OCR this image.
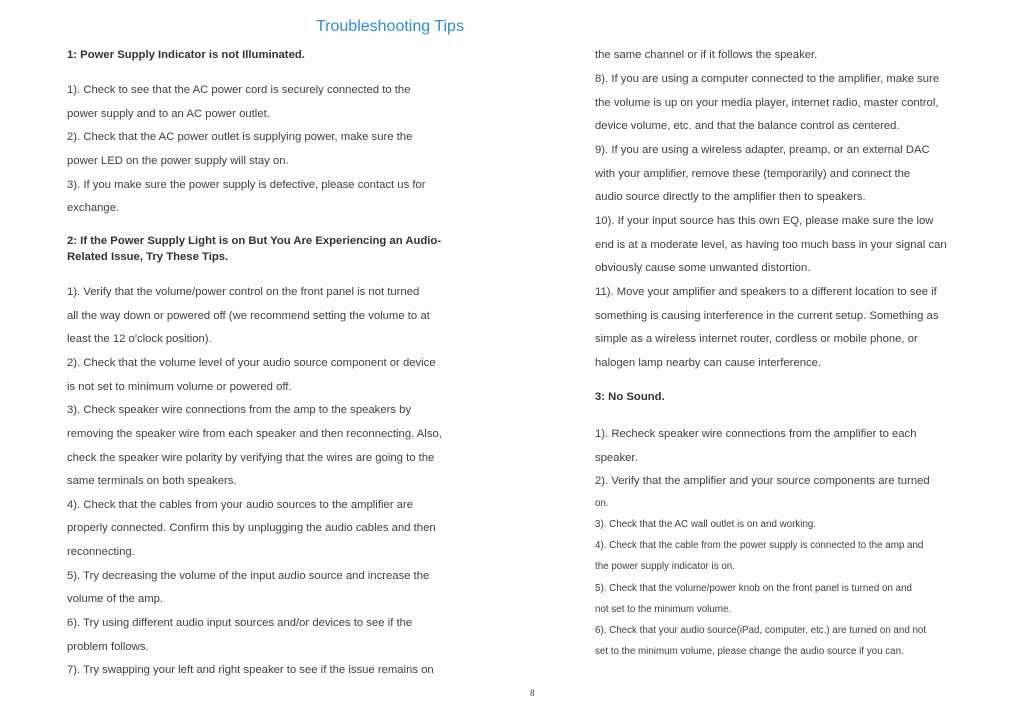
Troubleshooting Tips
1: Power Supply Indicator is not Illuminated.
1). Check to see that the AC power cord is securely connected to the
power supply and to an AC power outlet.
2). Check that the AC power outlet is supplying power, make sure the
power LED on the power supply will stay on.
3). If you make sure the power supply is defective, please contact us for
exchange.
2: If the Power Supply Light is on But You Are Experiencing an Audio-
Related Issue, Try These Tips.
1). Verify that the volume/power control on the front panel is not turned
all the way down or powered off (we recommend setting the volume to at
least the 12 o'clock position).
2). Check that the volume level of your audio source component or device
is not set to minimum volume or powered off.
3). Check speaker wire connections from the amp to the speakers by
removing the speaker wire from each speaker and then reconnecting. Also,
check the speaker wire polarity by verifying that the wires are going to the
same terminals on both speakers.
4). Check that the cables from your audio sources to the amplifier are
properly connected. Confirm this by unplugging the audio cables and then
reconnecting.
5). Try decreasing the volume of the input audio source and increase the
volume of the amp.
6). Try using different audio input sources and/or devices to see if the
problem follows.
7). Try swapping your left and right speaker to see if the issue remains on
the same channel or if it follows the speaker.
8). If you are using a computer connected to the amplifier, make sure
the volume is up on your media player, internet radio, master control,
device volume, etc. and that the balance control as centered.
9). If you are using a wireless adapter, preamp, or an external DAC
with your amplifier, remove these (temporarily) and connect the
audio source directly to the amplifier then to speakers.
10). If your input source has this own EQ, please make sure the low
end is at a moderate level, as having too much bass in your signal can
obviously cause some unwanted distortion.
11). Move your amplifier and speakers to a different location to see if
something is causing interference in the current setup. Something as
simple as a wireless internet router, cordless or mobile phone, or
halogen lamp nearby can cause interference.
3: No Sound.
1). Recheck speaker wire connections from the amplifier to each
speaker.
2). Verify that the amplifier and your source components are turned
on.
3). Check that the AC wall outlet is on and working.
4). Check that the cable from the power supply is connected to the amp and
the power supply indicator is on.
5). Check that the volume/power knob on the front panel is turned on and
not set to the minimum volume.
6). Check that your audio source(iPad, computer, etc.) are turned on and not
set to the minimum volume, please change the audio source if you can.
8
